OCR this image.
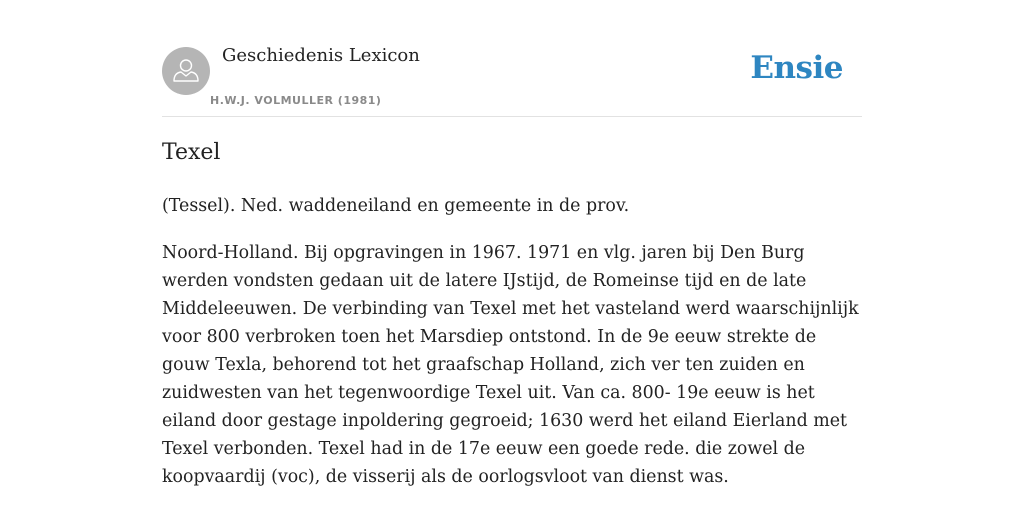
Geschiedenis Lexicon
H.W.J. VOLMULLER (1981)
Ensie
Texel

(Tessel). Ned. waddeneiland en gemeente in de prov.

Noord-Holland. Bij opgravingen in 1967. 1971 en vlg. jaren bij Den Burg werden vondsten gedaan uit de latere IJstijd, de Romeinse tijd en de late Middeleeuwen. De verbinding van Texel met het vasteland werd waarschijnlijk voor 800 verbroken toen het Marsdiep ontstond. In de 9e eeuw strekte de gouw Texla, behorend tot het graafschap Holland, zich ver ten zuiden en zuidwesten van het tegenwoordige Texel uit. Van ca. 800- 19e eeuw is het eiland door gestage inpoldering gegroeid; 1630 werd het eiland Eierland met Texel verbonden. Texel had in de 17e eeuw een goede rede. die zowel de koopvaardij (voc), de visserij als de oorlogsvloot van dienst was.
